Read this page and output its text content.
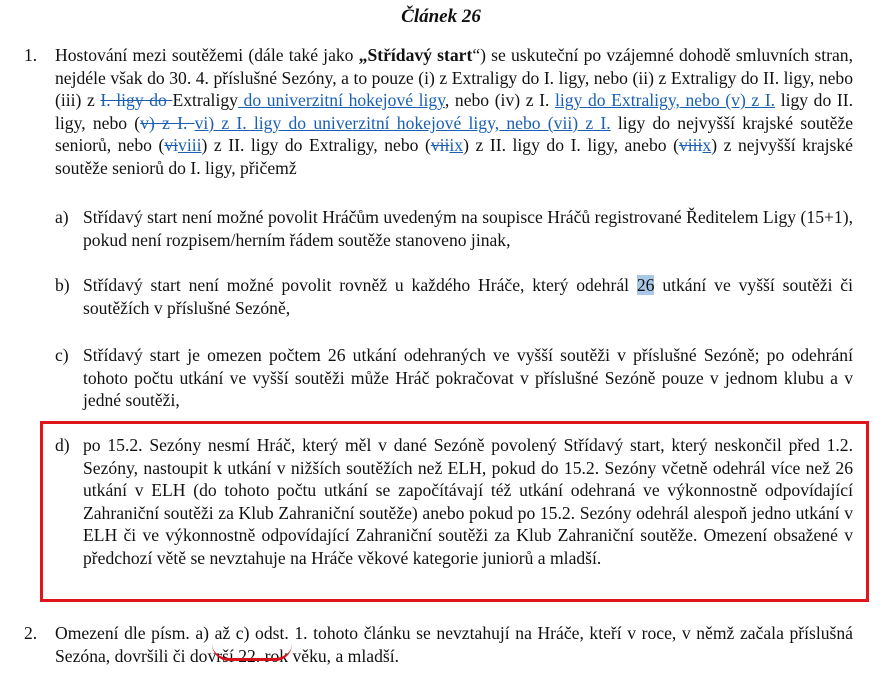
Článek 26
1. Hostování mezi soutěžemi (dále také jako „Střídavý start“) se uskuteční po vzájemné dohodě smluvních stran, nejdéle však do 30. 4. příslušné Sezóny, a to pouze (i) z Extraligy do I. ligy, nebo (ii) z Extraligy do II. ligy, nebo (iii) z I. ligy do Extraligy do univerzitní hokejové ligy, nebo (iv) z I. ligy do Extraligy, nebo (v) z I. ligy do II. ligy, nebo (v) z I. vi) z I. ligy do univerzitní hokejové ligy, nebo (vii) z I. ligy do nejvyšší krajské soutěže seniorů, nebo (viviii) z II. ligy do Extraligy, nebo (viiix) z II. ligy do I. ligy, anebo (viiix) z nejvyšší krajské soutěže seniorů do I. ligy, přičemž
a) Střídavý start není možné povolit Hráčům uvedeným na soupisce Hráčů registrované Ředitelem Ligy (15+1), pokud není rozpisem/herním řádem soutěže stanoveno jinak,
b) Střídavý start není možné povolit rovněž u každého Hráče, který odehrál 26 utkání ve vyšší soutěži či soutěžích v příslušné Sezóně,
c) Střídavý start je omezen počtem 26 utkání odehraných ve vyšší soutěži v příslušné Sezóně; po odehrání tohoto počtu utkání ve vyšší soutěži může Hráč pokračovat v příslušné Sezóně pouze v jednom klubu a v jedné soutěži,
d) po 15.2. Sezóny nesmí Hráč, který měl v dané Sezóně povolený Střídavý start, který neskončil před 1.2. Sezóny, nastoupit k utkání v nižších soutěžích než ELH, pokud do 15.2. Sezóny včetně odehrál více než 26 utkání v ELH (do tohoto počtu utkání se započítávají též utkání odehraná ve výkonnostně odpovídající Zahraniční soutěži za Klub Zahraniční soutěže) anebo pokud po 15.2. Sezóny odehrál alespoň jedno utkání v ELH či ve výkonnostně odpovídající Zahraniční soutěži za Klub Zahraniční soutěže. Omezení obsažené v předchozí větě se nevztahuje na Hráče věkové kategorie juniorů a mladší.
2. Omezení dle písm. a) až c) odst. 1. tohoto článku se nevztahují na Hráče, kteří v roce, v němž začala příslušná Sezóna, dovršili či dovrší 22. rok věku, a mladší.
